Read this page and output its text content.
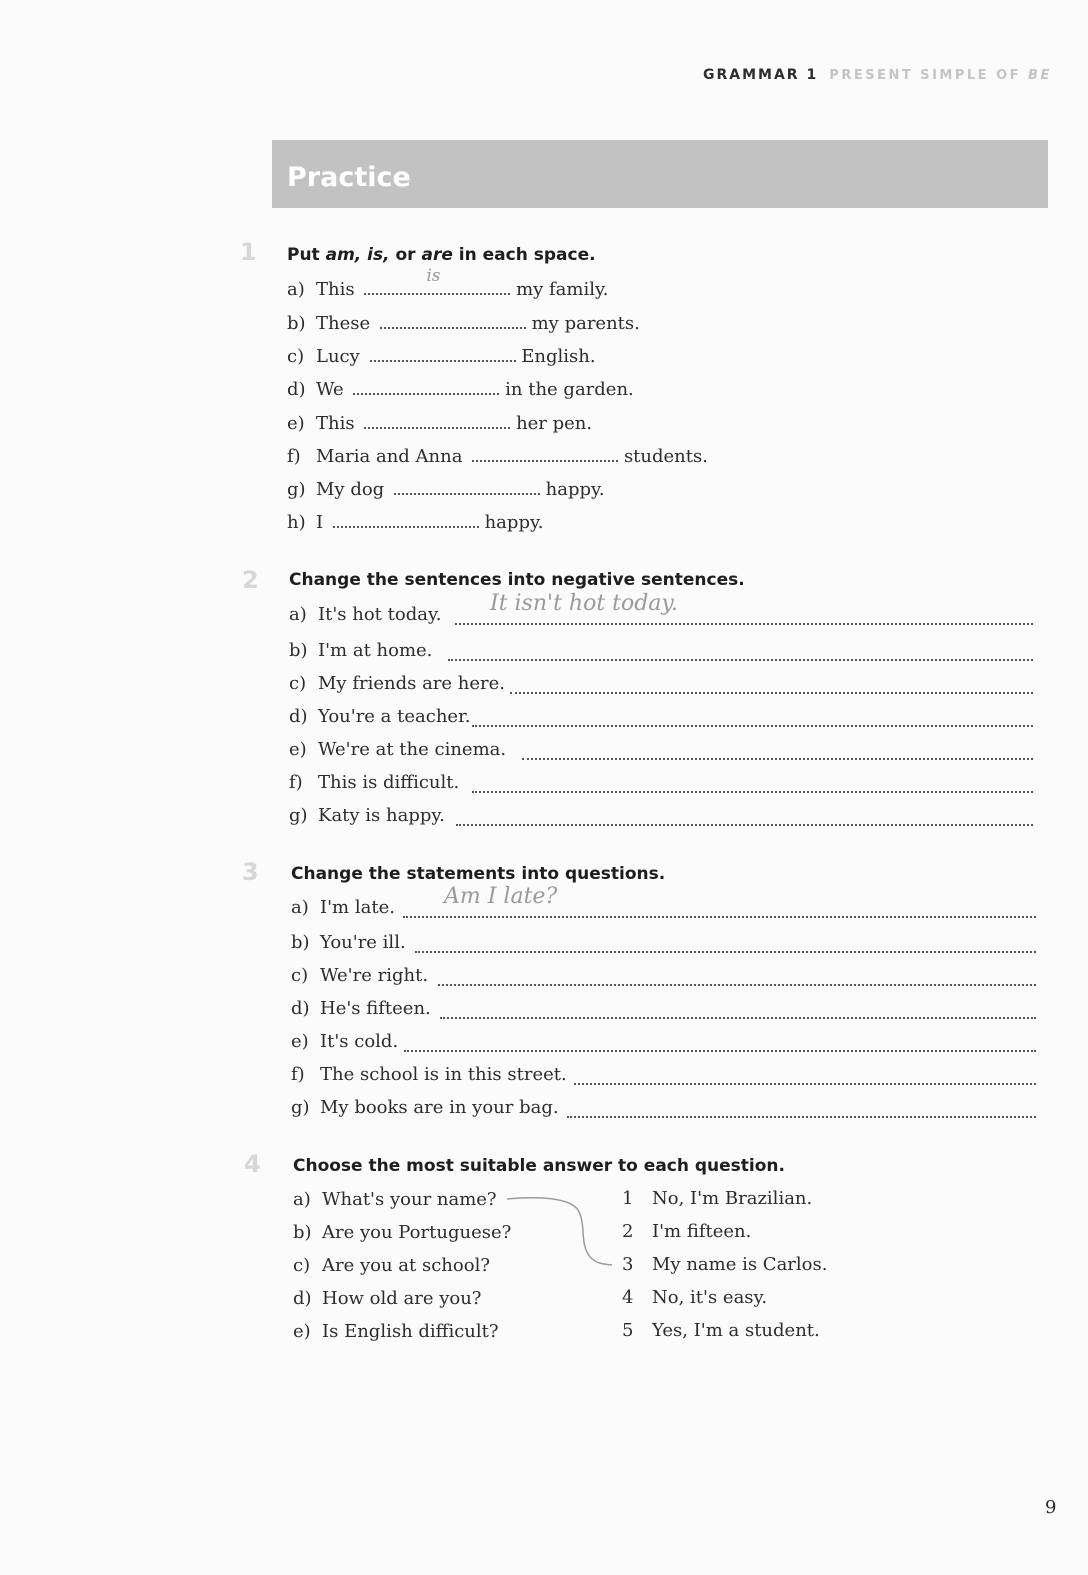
GRAMMAR 1 PRESENT SIMPLE OF BE
Practice
1 Put am, is, or are in each space.
a) This
is
my family.
b) These	my parents.
c) Lucy	English.
d) We	in the garden.
e) This	her pen.
f) Maria and Anna	students.
g) My dog	happy.
h) I	happy.
2 Change the sentences into negative sentences.
It isn't hot today.
a) It's hot today.
b) I'm at home.
c) My friends are here.
d) You're a teacher.
e) We're at the cinema.
f) This is difficult.
g) Katy is happy.
3 Change the statements into questions.
Am I late?
a) I'm late.
b) You're ill.
c) We're right.
d) He's fifteen.
e) It's cold.
f) The school is in this street.
g) My books are in your bag.
4 Choose the most suitable answer to each question.
a) What's your name?
b) Are you Portuguese?
c) Are you at school?
d) How old are you?
e) Is English difficult?
1 No, I'm Brazilian.
2 I'm fifteen.
3 My name is Carlos.
4 No, it's easy.
5 Yes, I'm a student.
9
